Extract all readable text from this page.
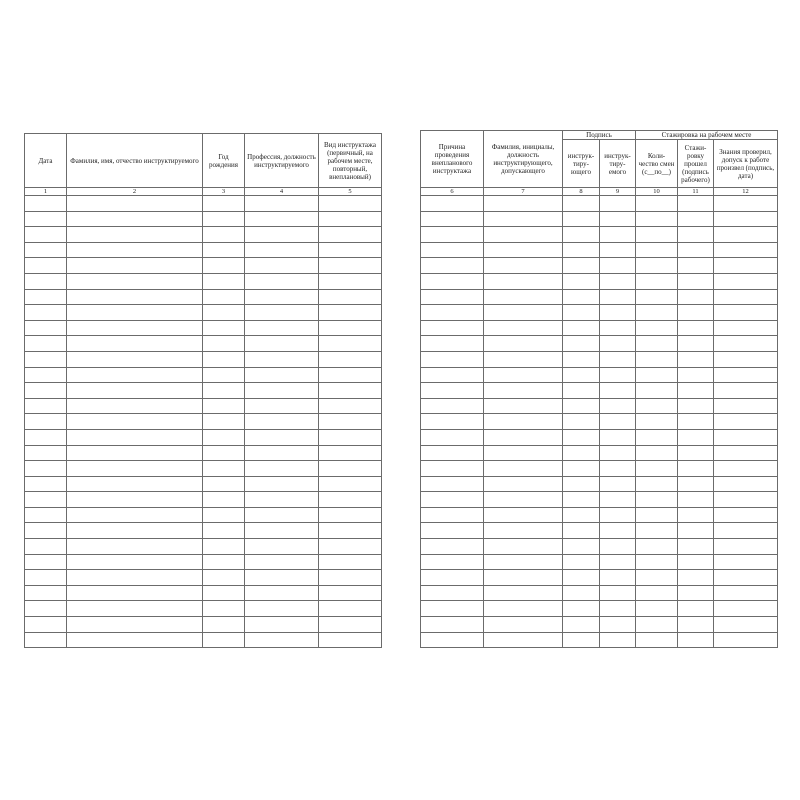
Дата	Фамилия, имя, отчество инструктируемого	Год рождения	Профессия, должность инструктируемого	Вид инструктажа (первичный, на рабочем месте, повторный, внеплановый)

1	2	3	4	5

Причина проведения внепланового инструктажа	Фамилия, инициалы, должность инструктирующего, допускающего	Подпись		Стажировка на рабочем месте		

		инструк-тиру-ющего	инструк-тиру-емого	Коли-чество смен (с__по__)	Стажи-ровку прошел (подпись рабочего)	Знания проверил, допуск к работе произвел (подпись, дата)

6	7	8	9	10	11	12
